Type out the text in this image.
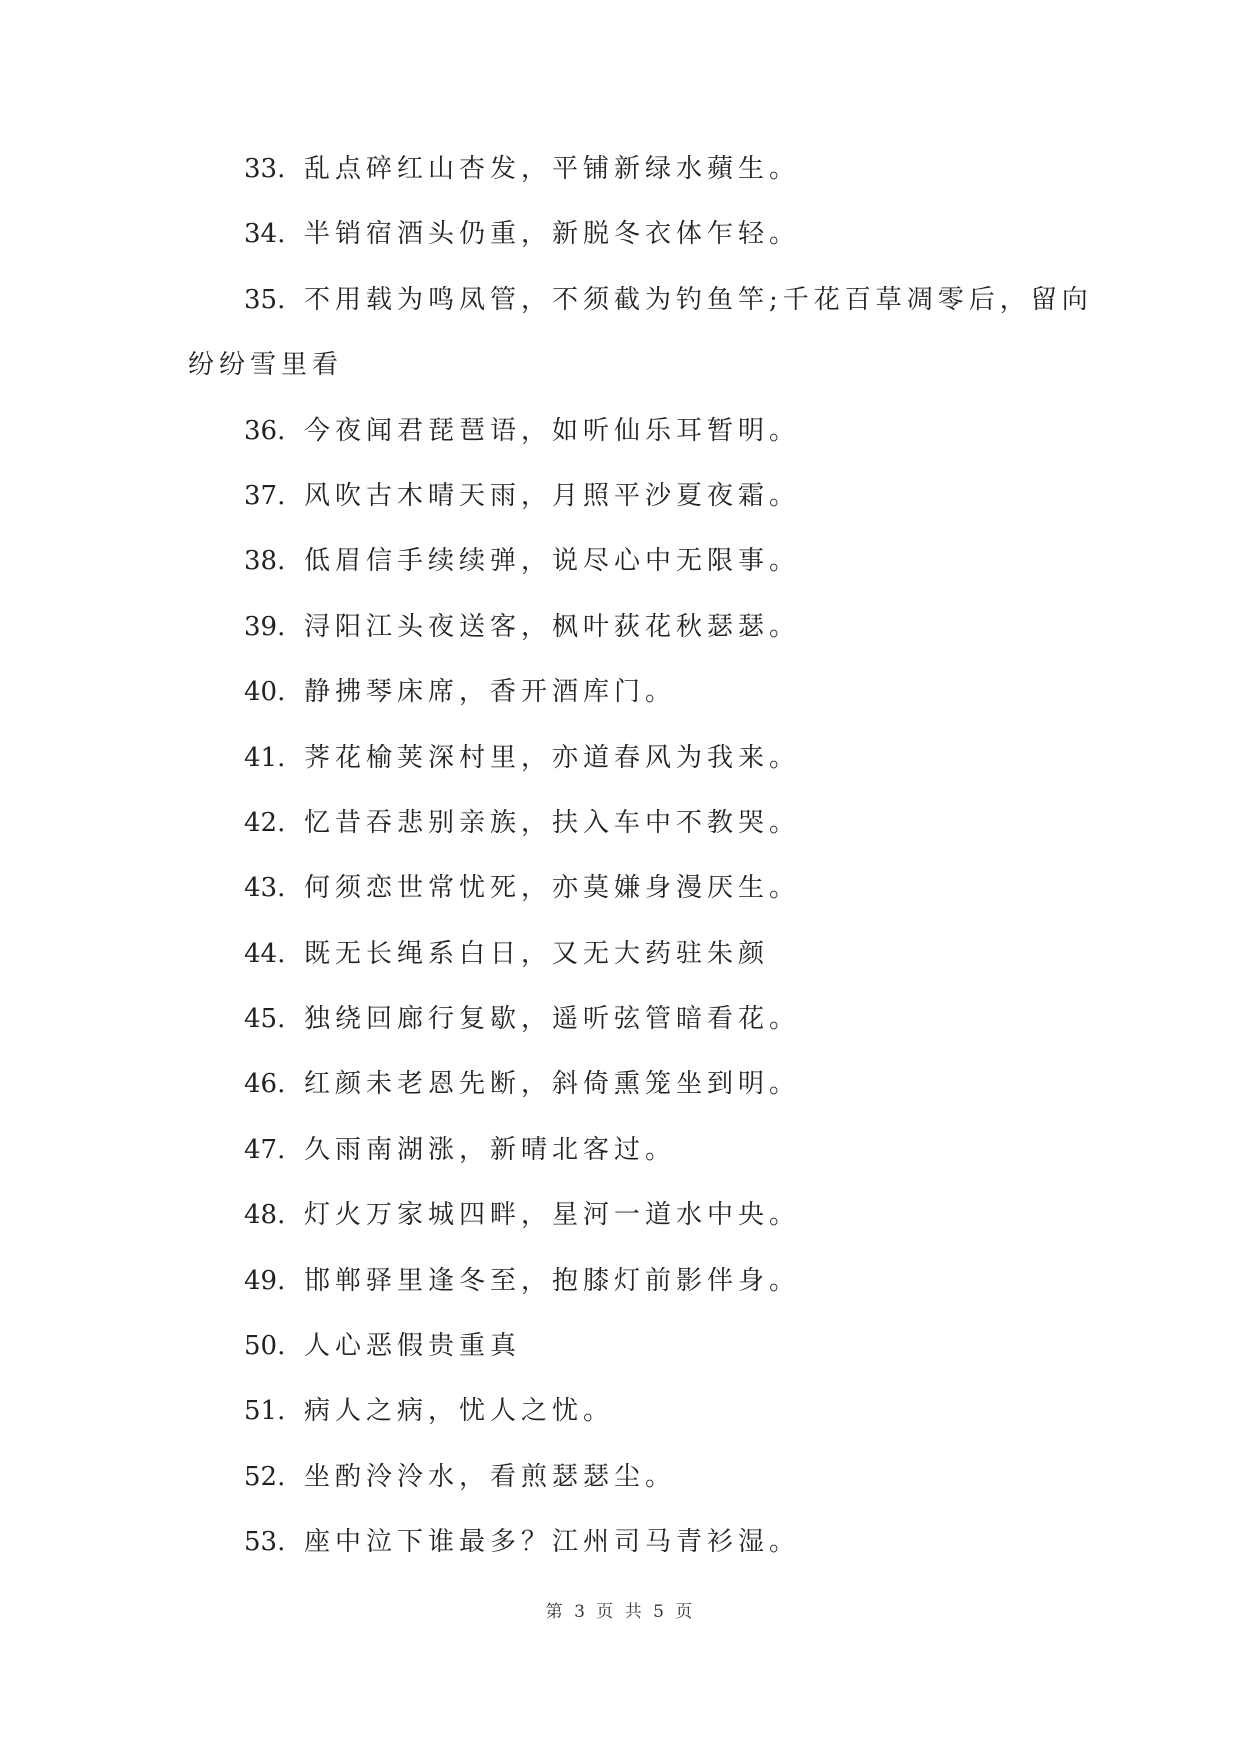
33. 乱点碎红山杏发，平铺新绿水蘋生。
34. 半销宿酒头仍重，新脱冬衣体乍轻。
35. 不用载为鸣凤管，不须截为钓鱼竿;千花百草凋零后，留向
纷纷雪里看
36. 今夜闻君琵琶语，如听仙乐耳暂明。
37. 风吹古木晴天雨，月照平沙夏夜霜。
38. 低眉信手续续弹，说尽心中无限事。
39. 浔阳江头夜送客，枫叶荻花秋瑟瑟。
40. 静拂琴床席，香开酒库门。
41. 荠花榆荚深村里，亦道春风为我来。
42. 忆昔吞悲别亲族，扶入车中不教哭。
43. 何须恋世常忧死，亦莫嫌身漫厌生。
44. 既无长绳系白日，又无大药驻朱颜
45. 独绕回廊行复歇，遥听弦管暗看花。
46. 红颜未老恩先断，斜倚熏笼坐到明。
47. 久雨南湖涨，新晴北客过。
48. 灯火万家城四畔，星河一道水中央。
49. 邯郸驿里逢冬至，抱膝灯前影伴身。
50. 人心恶假贵重真
51. 病人之病，忧人之忧。
52. 坐酌泠泠水，看煎瑟瑟尘。
53. 座中泣下谁最多？江州司马青衫湿。
第 3 页 共 5 页
